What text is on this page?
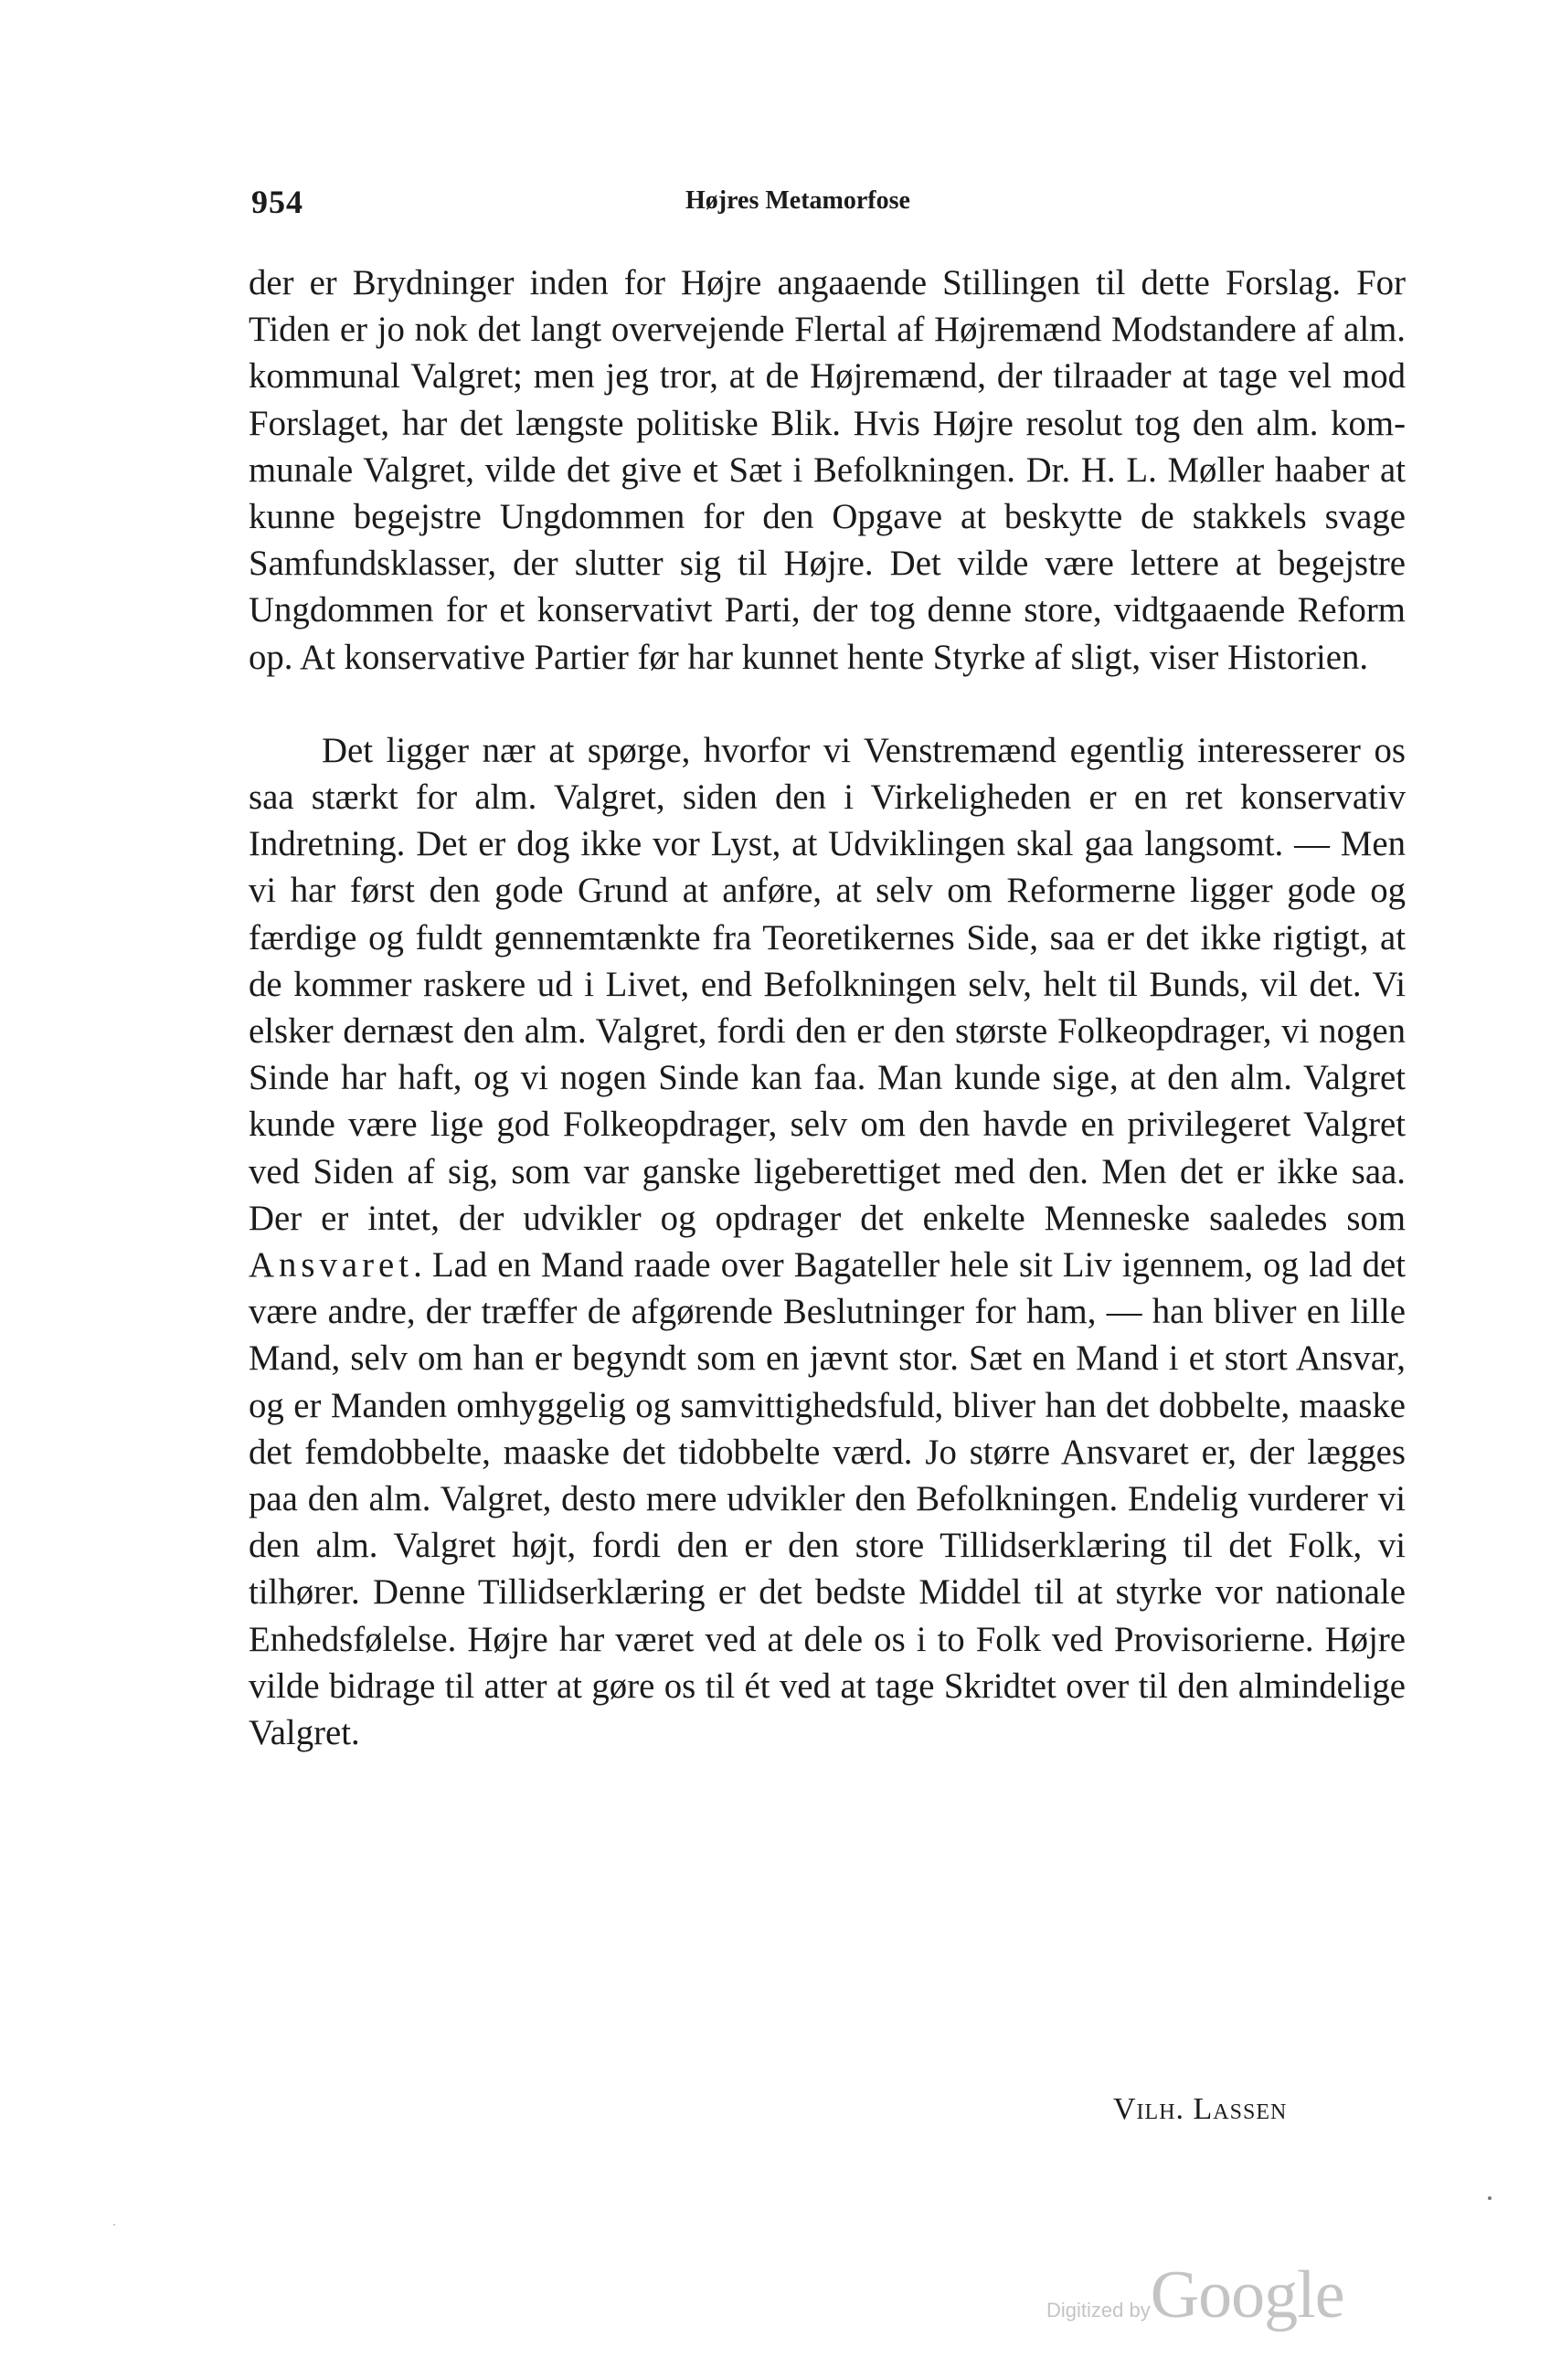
954	Højres Metamorfose

der er Brydninger inden for Højre angaaende Stillingen til dette Forslag. For Tiden er jo nok det langt overvejende Flertal af Højremænd Modstandere af alm. kommunal Valgret; men jeg tror, at de Højremænd, der tilraader at tage vel mod Forslaget, har det længste politiske Blik. Hvis Højre resolut tog den alm. kommunale Valgret, vilde det give et Sæt i Befolkningen. Dr. H. L. Møller haaber at kunne begejstre Ungdommen for den Opgave at beskytte de stakkels svage Samfundsklasser, der slutter sig til Højre. Det vilde være lettere at begejstre Ungdommen for et konservativt Parti, der tog denne store, vidtgaaende Reform op. At konservative Partier før har kunnet hente Styrke af sligt, viser Historien.

Det ligger nær at spørge, hvorfor vi Venstremænd egentlig interesserer os saa stærkt for alm. Valgret, siden den i Virkeligheden er en ret konservativ Indretning. Det er dog ikke vor Lyst, at Udviklingen skal gaa langsomt. — Men vi har først den gode Grund at anføre, at selv om Reformerne ligger gode og færdige og fuldt gennemtænkte fra Teoretikernes Side, saa er det ikke rigtigt, at de kommer raskere ud i Livet, end Befolkningen selv, helt til Bunds, vil det. Vi elsker dernæst den alm. Valgret, fordi den er den største Folkeopdrager, vi nogen Sinde har haft, og vi nogen Sinde kan faa. Man kunde sige, at den alm. Valgret kunde være lige god Folkeopdrager, selv om den havde en privilegeret Valgret ved Siden af sig, som var ganske ligeberettiget med den. Men det er ikke saa. Der er intet, der udvikler og opdrager det enkelte Menneske saaledes som Ansvaret. Lad en Mand raade over Bagateller hele sit Liv igennem, og lad det være andre, der træffer de afgørende Beslutninger for ham, — han bliver en lille Mand, selv om han er begyndt som en jævnt stor. Sæt en Mand i et stort Ansvar, og er Manden omhyggelig og samvittighedsfuld, bliver han det dobbelte, maaske det femdobbelte, maaske det tidobbelte værd. Jo større Ansvaret er, der lægges paa den alm. Valgret, desto mere udvikler den Befolkningen. Endelig vurderer vi den alm. Valgret højt, fordi den er den store Tillidserklæring til det Folk, vi tilhører. Denne Tillidserklæring er det bedste Middel til at styrke vor nationale Enhedsfølelse. Højre har været ved at dele os i to Folk ved Provisorierne. Højre vilde bidrage til atter at gøre os til ét ved at tage Skridtet over til den almindelige Valgret.

Vilh. Lassen
Digitized byGoogle
